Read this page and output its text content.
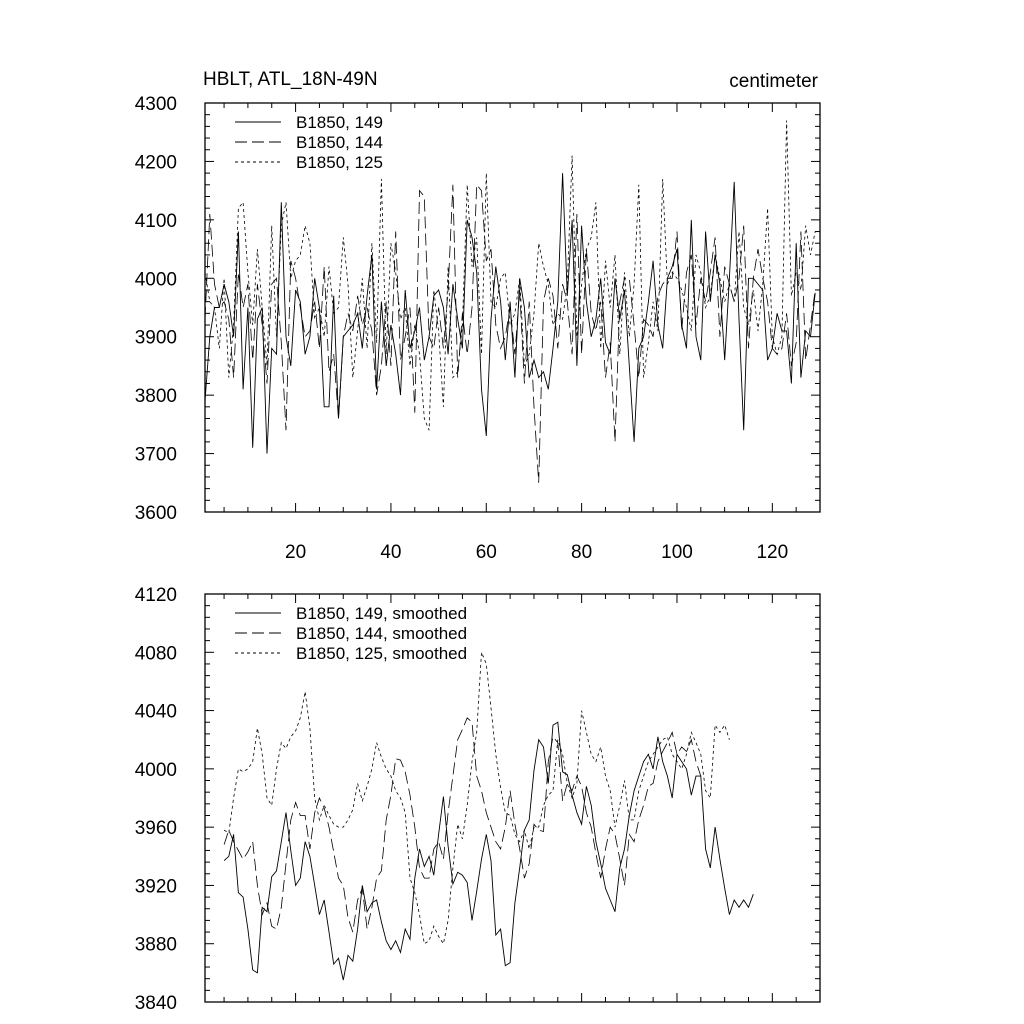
3600
3700
3800
3900
4000
4100
4200
4300
20	40	60	80	100	120
B1850, 149
B1850, 144
B1850, 125
HBLT, ATL_18N-49N	centimeter
3840
3880
3920
3960
4000
4040
4080
4120
B1850, 149, smoothed
B1850, 144, smoothed
B1850, 125, smoothed
